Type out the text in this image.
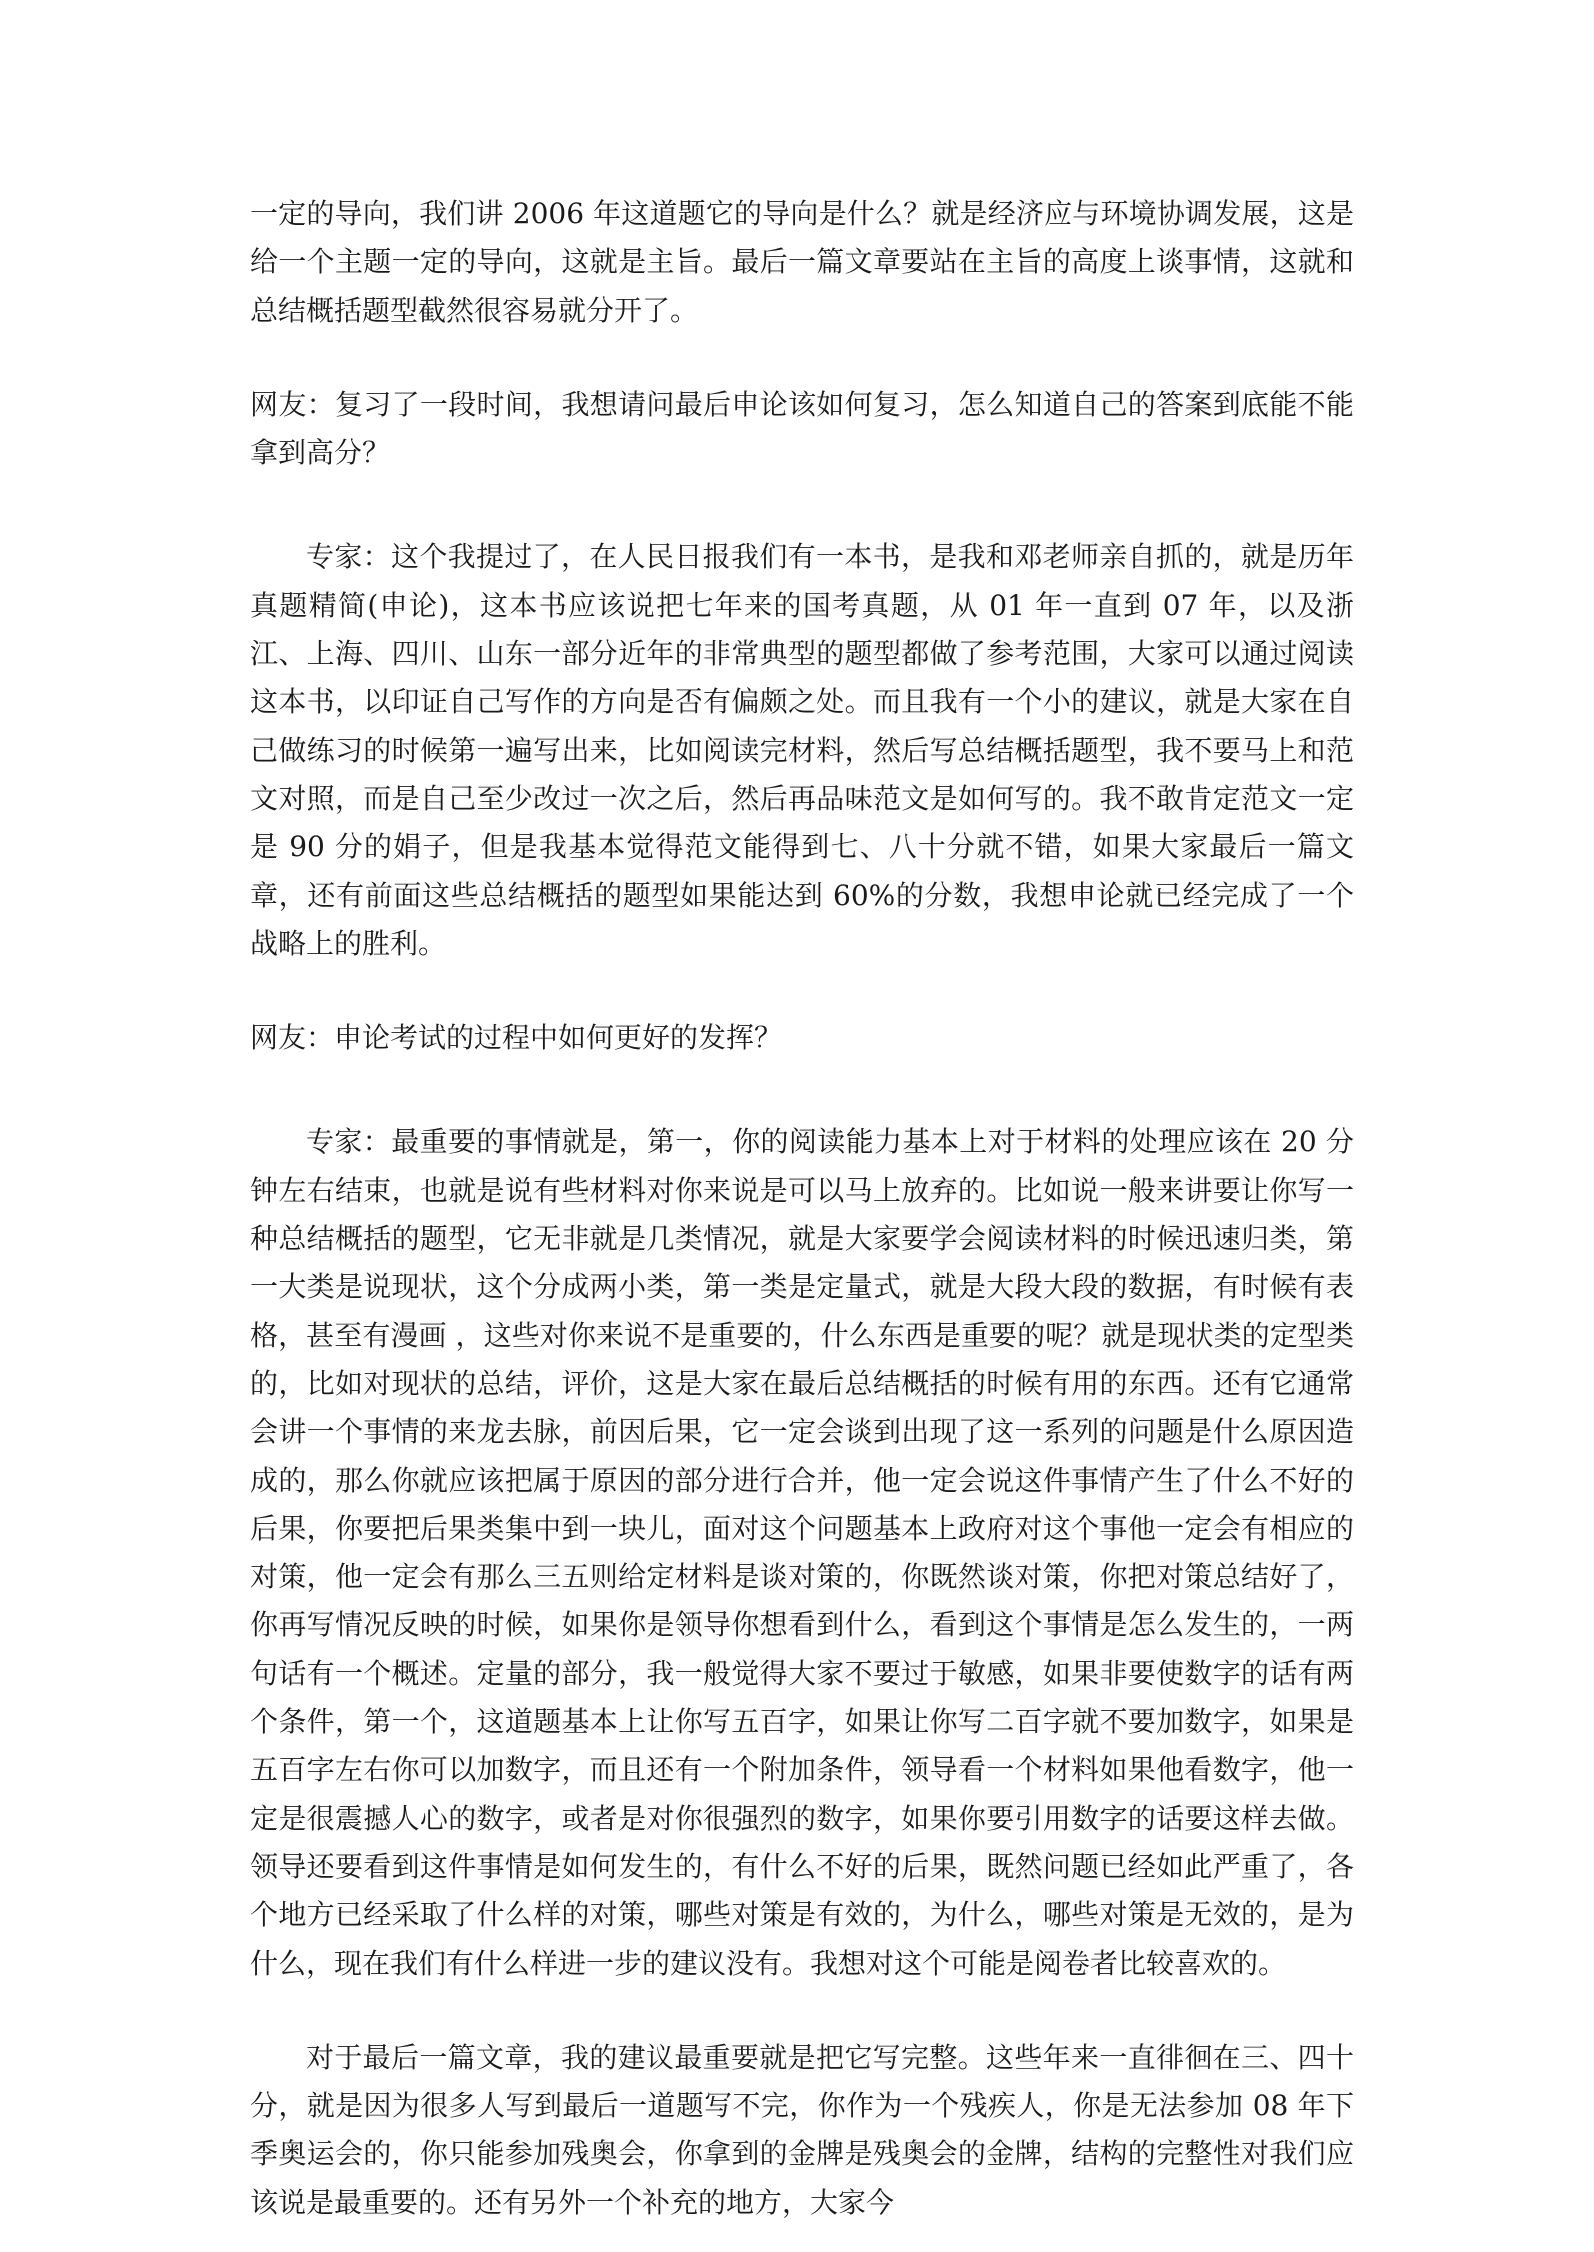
一定的导向，我们讲 2006 年这道题它的导向是什么？就是经济应与环境协调发展，这是给一个主题一定的导向，这就是主旨。最后一篇文章要站在主旨的高度上谈事情，这就和总结概括题型截然很容易就分开了。

网友：复习了一段时间，我想请问最后申论该如何复习，怎么知道自己的答案到底能不能拿到高分？

专家：这个我提过了，在人民日报我们有一本书，是我和邓老师亲自抓的，就是历年真题精简(申论)，这本书应该说把七年来的国考真题，从 01 年一直到 07 年，以及浙江、上海、四川、山东一部分近年的非常典型的题型都做了参考范围，大家可以通过阅读这本书，以印证自己写作的方向是否有偏颇之处。而且我有一个小的建议，就是大家在自己做练习的时候第一遍写出来，比如阅读完材料，然后写总结概括题型，我不要马上和范文对照，而是自己至少改过一次之后，然后再品味范文是如何写的。我不敢肯定范文一定是 90 分的娟子，但是我基本觉得范文能得到七、八十分就不错，如果大家最后一篇文章，还有前面这些总结概括的题型如果能达到 60%的分数，我想申论就已经完成了一个战略上的胜利。

网友：申论考试的过程中如何更好的发挥？

专家：最重要的事情就是，第一，你的阅读能力基本上对于材料的处理应该在 20 分钟左右结束，也就是说有些材料对你来说是可以马上放弃的。比如说一般来讲要让你写一种总结概括的题型，它无非就是几类情况，就是大家要学会阅读材料的时候迅速归类，第一大类是说现状，这个分成两小类，第一类是定量式，就是大段大段的数据，有时候有表格，甚至有漫画 ，这些对你来说不是重要的，什么东西是重要的呢？就是现状类的定型类的，比如对现状的总结，评价，这是大家在最后总结概括的时候有用的东西。还有它通常会讲一个事情的来龙去脉，前因后果，它一定会谈到出现了这一系列的问题是什么原因造成的，那么你就应该把属于原因的部分进行合并，他一定会说这件事情产生了什么不好的后果，你要把后果类集中到一块儿，面对这个问题基本上政府对这个事他一定会有相应的对策，他一定会有那么三五则给定材料是谈对策的，你既然谈对策，你把对策总结好了，你再写情况反映的时候，如果你是领导你想看到什么，看到这个事情是怎么发生的，一两句话有一个概述。定量的部分，我一般觉得大家不要过于敏感，如果非要使数字的话有两个条件，第一个，这道题基本上让你写五百字，如果让你写二百字就不要加数字，如果是五百字左右你可以加数字，而且还有一个附加条件，领导看一个材料如果他看数字，他一定是很震撼人心的数字，或者是对你很强烈的数字，如果你要引用数字的话要这样去做。领导还要看到这件事情是如何发生的，有什么不好的后果，既然问题已经如此严重了，各个地方已经采取了什么样的对策，哪些对策是有效的，为什么，哪些对策是无效的，是为什么，现在我们有什么样进一步的建议没有。我想对这个可能是阅卷者比较喜欢的。

对于最后一篇文章，我的建议最重要就是把它写完整。这些年来一直徘徊在三、四十分，就是因为很多人写到最后一道题写不完，你作为一个残疾人，你是无法参加 08 年下季奥运会的，你只能参加残奥会，你拿到的金牌是残奥会的金牌，结构的完整性对我们应该说是最重要的。还有另外一个补充的地方，大家今
